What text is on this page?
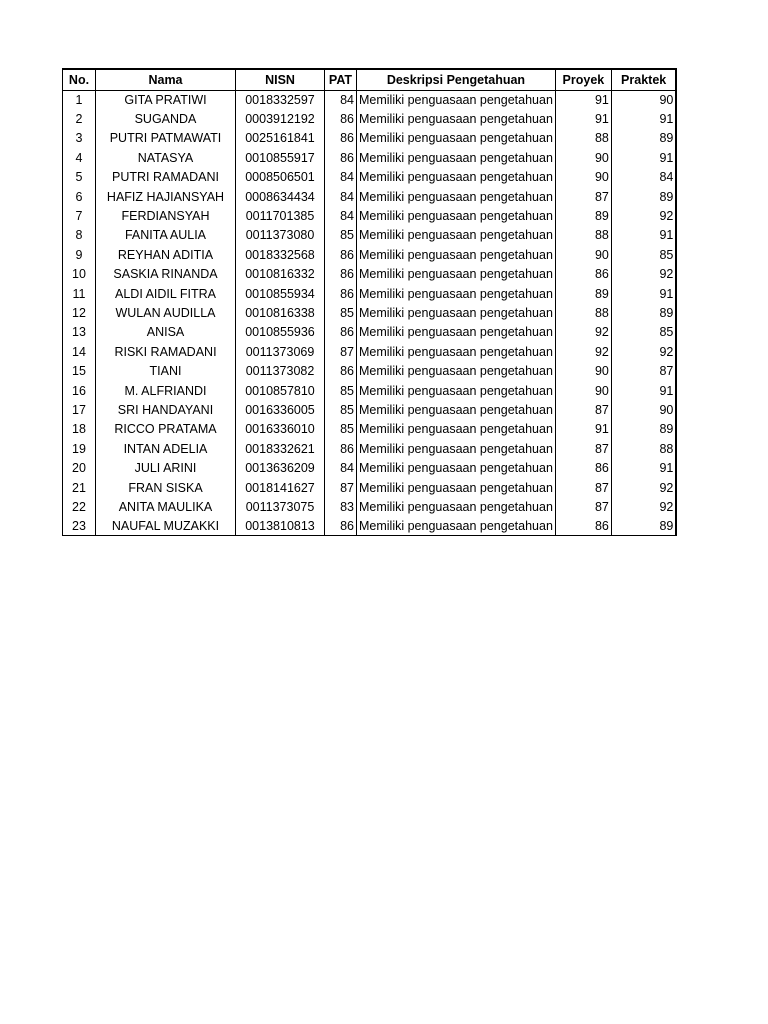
No.	Nama	NISN	PAT	Deskripsi Pengetahuan	Proyek	Praktek
1	GITA PRATIWI	0018332597	84	Memiliki penguasaan pengetahuan	91	90
2	SUGANDA	0003912192	86	Memiliki penguasaan pengetahuan	91	91
3	PUTRI PATMAWATI	0025161841	86	Memiliki penguasaan pengetahuan	88	89
4	NATASYA	0010855917	86	Memiliki penguasaan pengetahuan	90	91
5	PUTRI RAMADANI	0008506501	84	Memiliki penguasaan pengetahuan	90	84
6	HAFIZ HAJIANSYAH	0008634434	84	Memiliki penguasaan pengetahuan	87	89
7	FERDIANSYAH	0011701385	84	Memiliki penguasaan pengetahuan	89	92
8	FANITA AULIA	0011373080	85	Memiliki penguasaan pengetahuan	88	91
9	REYHAN ADITIA	0018332568	86	Memiliki penguasaan pengetahuan	90	85
10	SASKIA RINANDA	0010816332	86	Memiliki penguasaan pengetahuan	86	92
11	ALDI AIDIL FITRA	0010855934	86	Memiliki penguasaan pengetahuan	89	91
12	WULAN AUDILLA	0010816338	85	Memiliki penguasaan pengetahuan	88	89
13	ANISA	0010855936	86	Memiliki penguasaan pengetahuan	92	85
14	RISKI RAMADANI	0011373069	87	Memiliki penguasaan pengetahuan	92	92
15	TIANI	0011373082	86	Memiliki penguasaan pengetahuan	90	87
16	M. ALFRIANDI	0010857810	85	Memiliki penguasaan pengetahuan	90	91
17	SRI HANDAYANI	0016336005	85	Memiliki penguasaan pengetahuan	87	90
18	RICCO PRATAMA	0016336010	85	Memiliki penguasaan pengetahuan	91	89
19	INTAN ADELIA	0018332621	86	Memiliki penguasaan pengetahuan	87	88
20	JULI ARINI	0013636209	84	Memiliki penguasaan pengetahuan	86	91
21	FRAN SISKA	0018141627	87	Memiliki penguasaan pengetahuan	87	92
22	ANITA MAULIKA	0011373075	83	Memiliki penguasaan pengetahuan	87	92
23	NAUFAL MUZAKKI	0013810813	86	Memiliki penguasaan pengetahuan	86	89
